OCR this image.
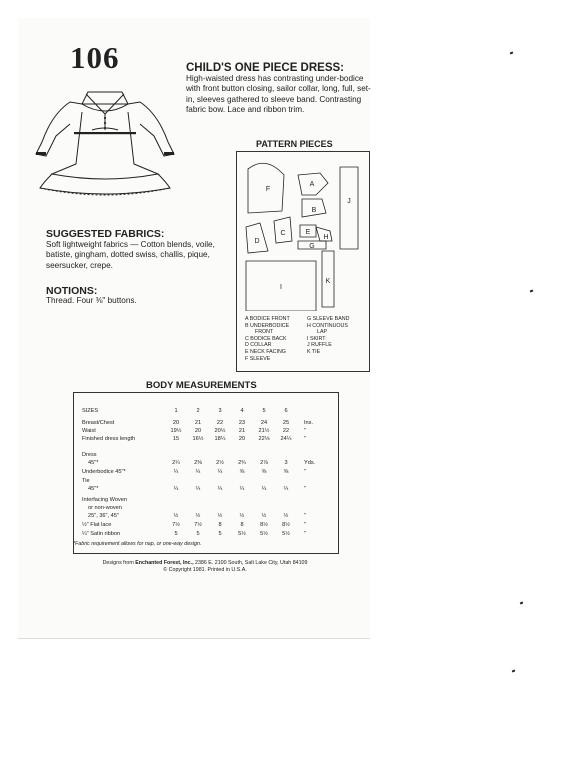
106	CHILD'S ONE PIECE DRESS:
High-waisted dress has contrasting under-bodice with front button closing, sailor collar, long, full, set-in, sleeves gathered to sleeve band. Contrasting fabric bow. Lace and ribbon trim.
SUGGESTED FABRICS:
Soft lightweight fabrics — Cotton blends, voile, batiste, gingham, dotted swiss, challis, pique, seersucker, crepe.
NOTIONS:
Thread. Four ⅜" buttons.
PATTERN PIECES
F
A
J
B
D
C	E
H
G
I
K
A BODICE FRONT
B UNDERBODICE
FRONT
C BODICE BACK
D COLLAR
E NECK FACING
F SLEEVE
G SLEEVE BAND
H CONTINUOUS
LAP
I SKIRT
J RUFFLE
K TIE
BODY MEASUREMENTS
SIZES	1	2	3	4	5	6
Breast/Chest	20	21	22	23	24	25	Ins.
Waist	19½	20	20½	21	21½	22	"
Finished dress length	15	16½	18¼	20	22⅛	24¼	"
Dress
45"*	2¼	2⅜	2½	2¾	2⅞	3	Yds.
Underbodice 45"*	¼	¼	¼	⅜	⅜	⅜	"
Tie
45"*	¼	¼	¼	¼	¼	¼	"
Interfacing Woven
or non-woven
25", 36", 45"	½	½	½	½	½	½	"
½" Flat lace	7½	7½	8	8	8½	8½	"
¼" Satin ribbon	5	5	5	5½	5½	5½	"
*Fabric requirement allows for nap, or one-way design.
Designs from Enchanted Forest, Inc., 2386 E. 2100 South, Salt Lake City, Utah 84109
© Copyright 1981. Printed in U.S.A.
